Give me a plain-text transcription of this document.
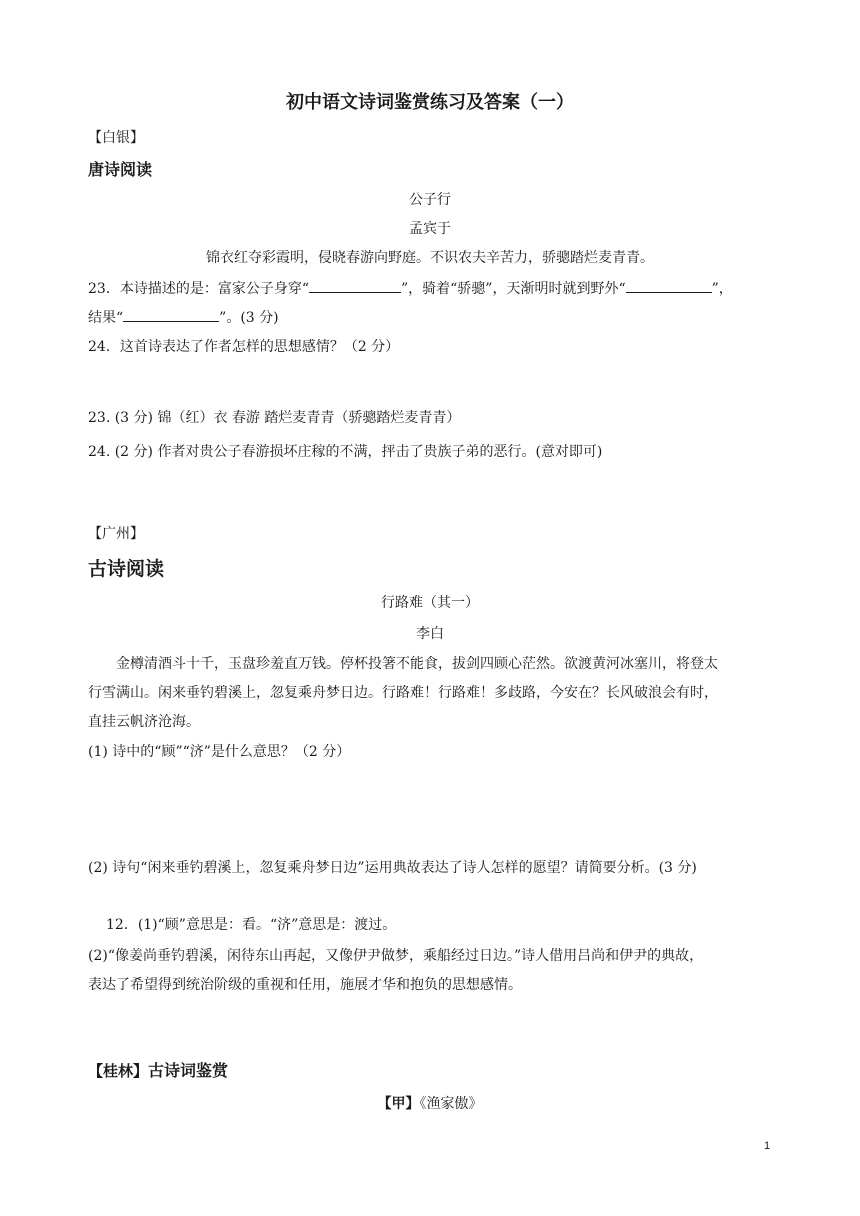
初中语文诗词鉴赏练习及答案（一）
【白银】
唐诗阅读
公子行
孟宾于
锦衣红夺彩霞明，侵晓春游向野庭。不识农夫辛苦力，骄骢踏烂麦青青。
23．本诗描述的是：富家公子身穿“	”，骑着“骄骢”，天渐明时就到野外“	”，
结果“	”。(3 分)
24．这首诗表达了作者怎样的思想感情？（2 分）
23. (3 分) 锦（红）衣 春游 踏烂麦青青（骄骢踏烂麦青青）
24. (2 分) 作者对贵公子春游损坏庄稼的不满，抨击了贵族子弟的恶行。(意对即可)
【广州】
古诗阅读
行路难（其一）
李白
金樽清酒斗十千，玉盘珍羞直万钱。停杯投箸不能食，拔剑四顾心茫然。欲渡黄河冰塞川，将登太
行雪满山。闲来垂钓碧溪上，忽复乘舟梦日边。行路难！行路难！多歧路，今安在？长风破浪会有时，
直挂云帆济沧海。
(1) 诗中的“顾”“济”是什么意思？（2 分）
(2) 诗句“闲来垂钓碧溪上，忽复乘舟梦日边”运用典故表达了诗人怎样的愿望？请简要分析。(3 分)
12．(1)“顾”意思是：看。“济”意思是：渡过。
(2)“像姜尚垂钓碧溪，闲待东山再起，又像伊尹做梦，乘船经过日边。”诗人借用吕尚和伊尹的典故，
表达了希望得到统治阶级的重视和任用，施展才华和抱负的思想感情。
【桂林】古诗词鉴赏
【甲】《渔家傲》
1
